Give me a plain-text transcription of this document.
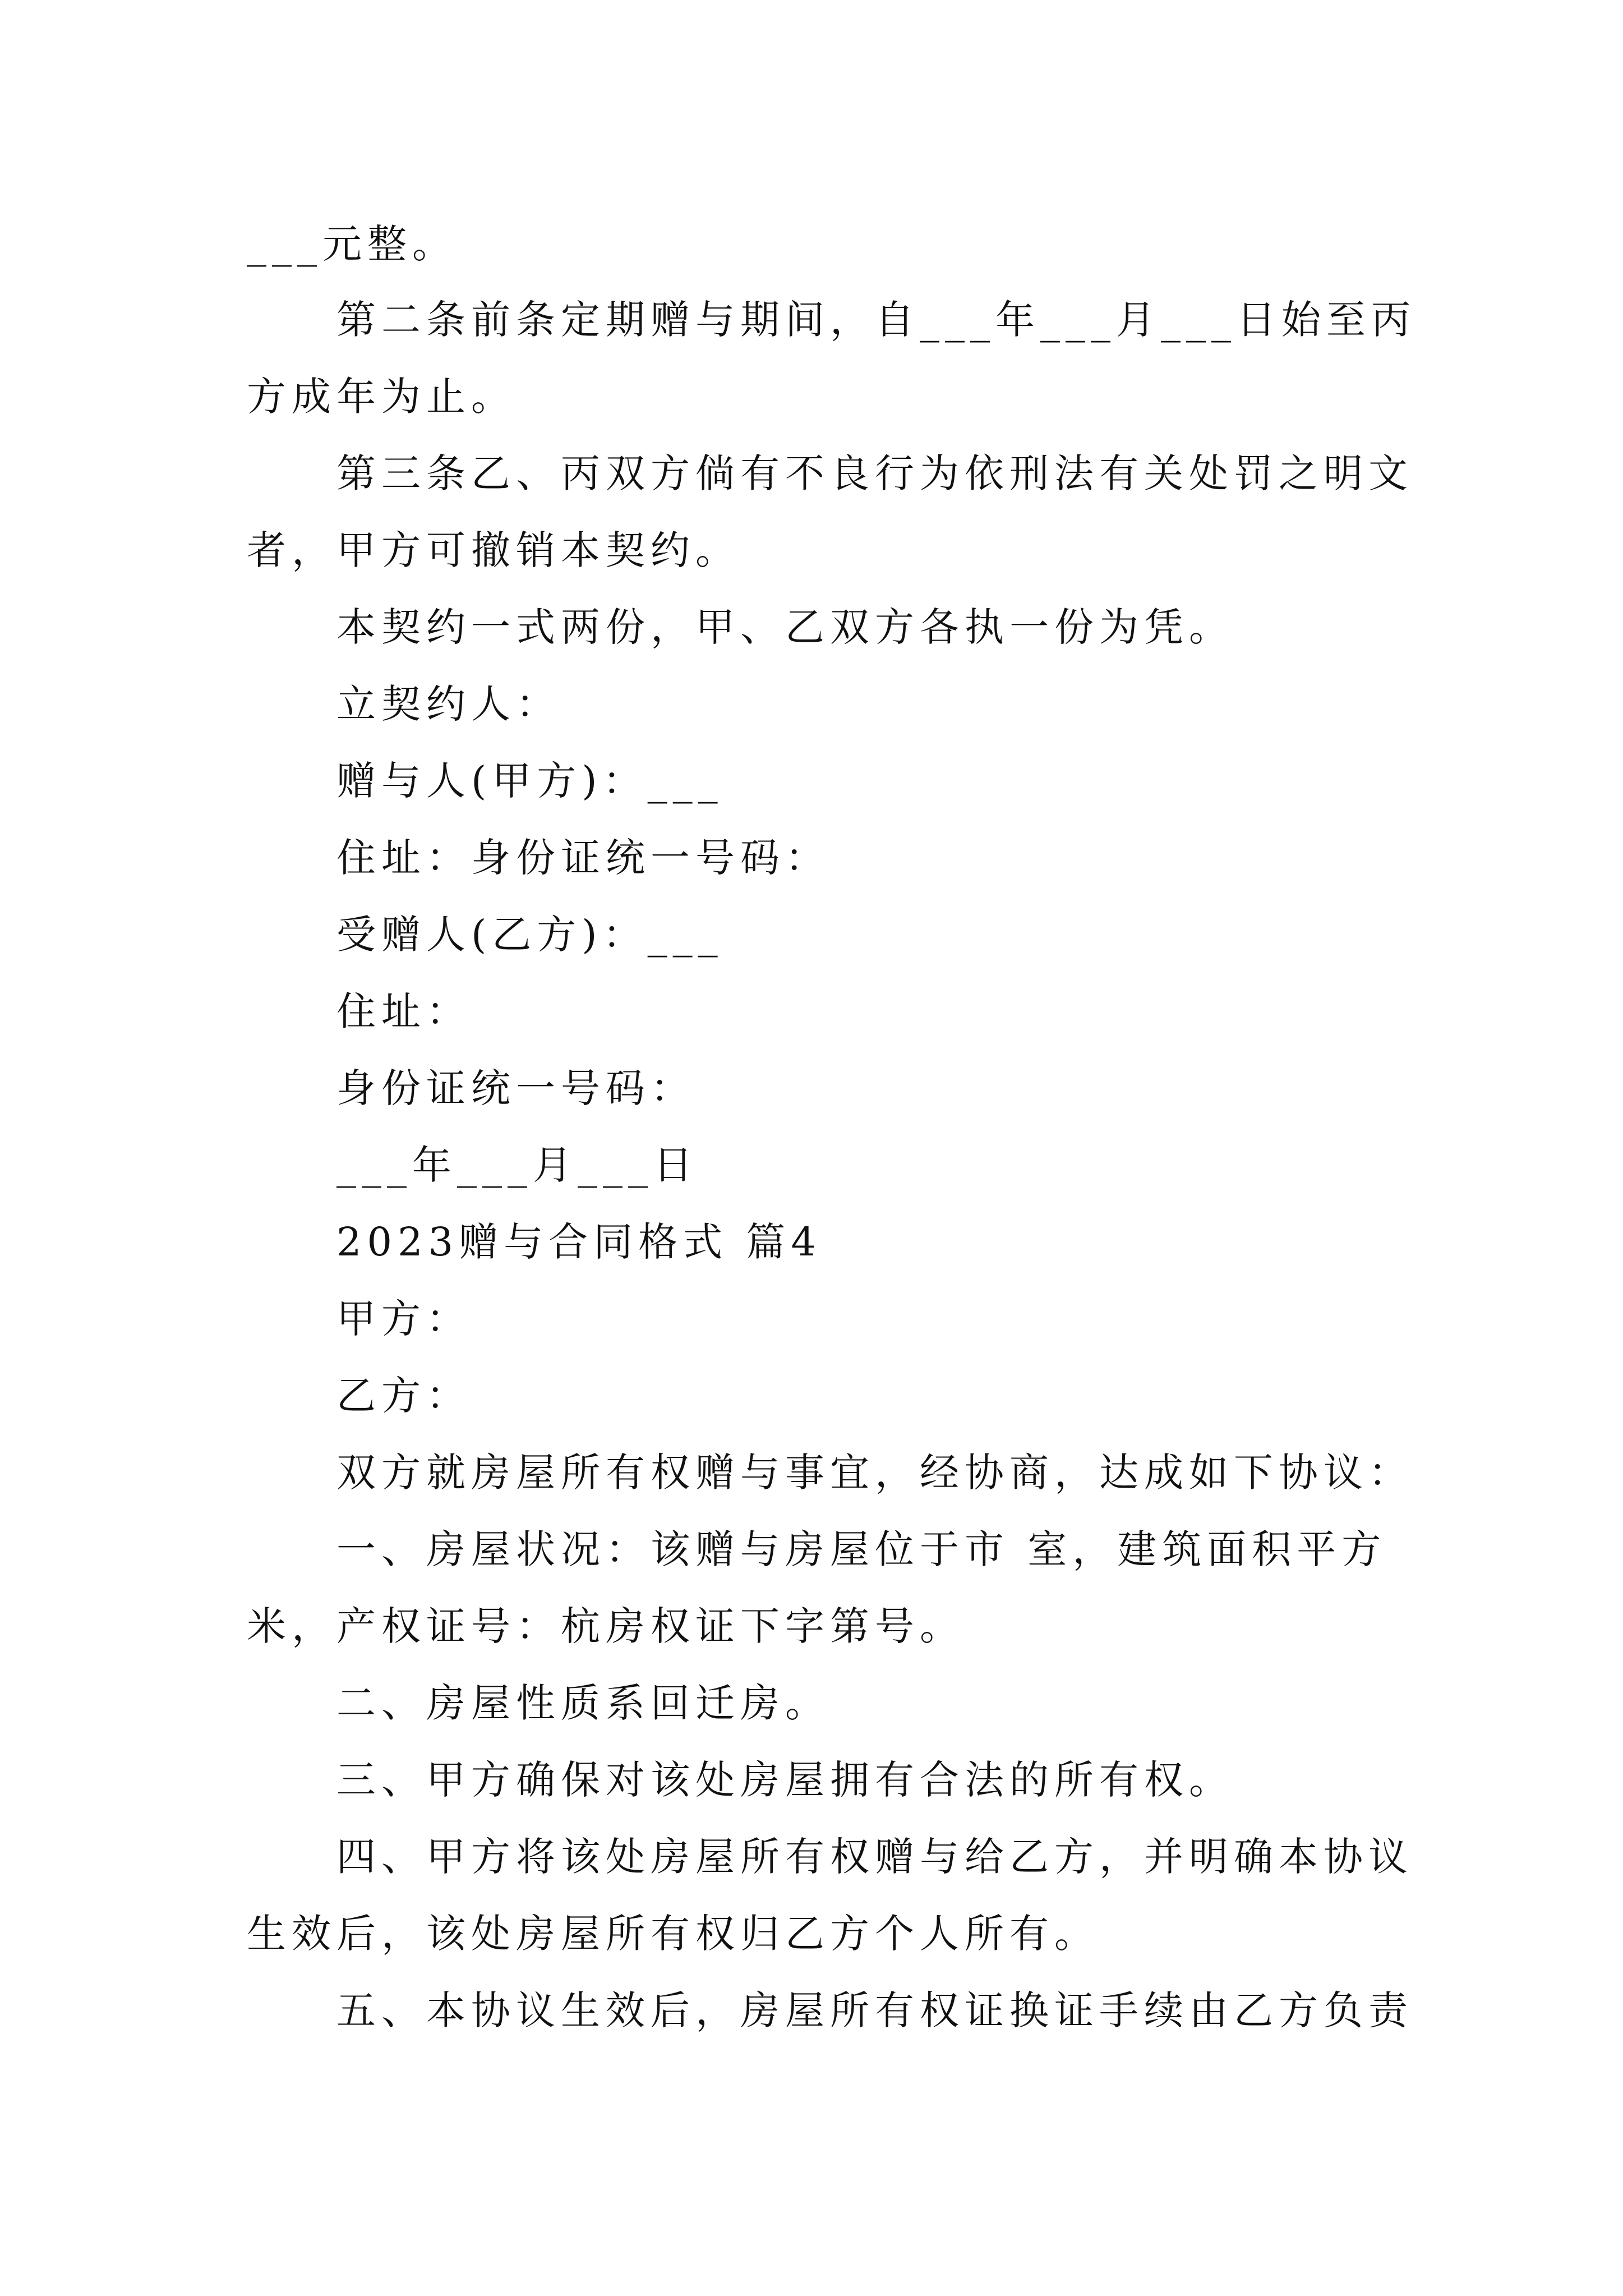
___元整。
第二条前条定期赠与期间，自___年___月___日始至丙
方成年为止。
第三条乙、丙双方倘有不良行为依刑法有关处罚之明文
者，甲方可撤销本契约。
本契约一式两份，甲、乙双方各执一份为凭。
立契约人：
赠与人(甲方)：___
住址：身份证统一号码：
受赠人(乙方)：___
住址：
身份证统一号码：
___年___月___日
2023赠与合同格式 篇4
甲方：
乙方：
双方就房屋所有权赠与事宜，经协商，达成如下协议：
一、房屋状况：该赠与房屋位于市 室，建筑面积平方
米，产权证号：杭房权证下字第号。
二、房屋性质系回迁房。
三、甲方确保对该处房屋拥有合法的所有权。
四、甲方将该处房屋所有权赠与给乙方，并明确本协议
生效后，该处房屋所有权归乙方个人所有。
五、本协议生效后，房屋所有权证换证手续由乙方负责
